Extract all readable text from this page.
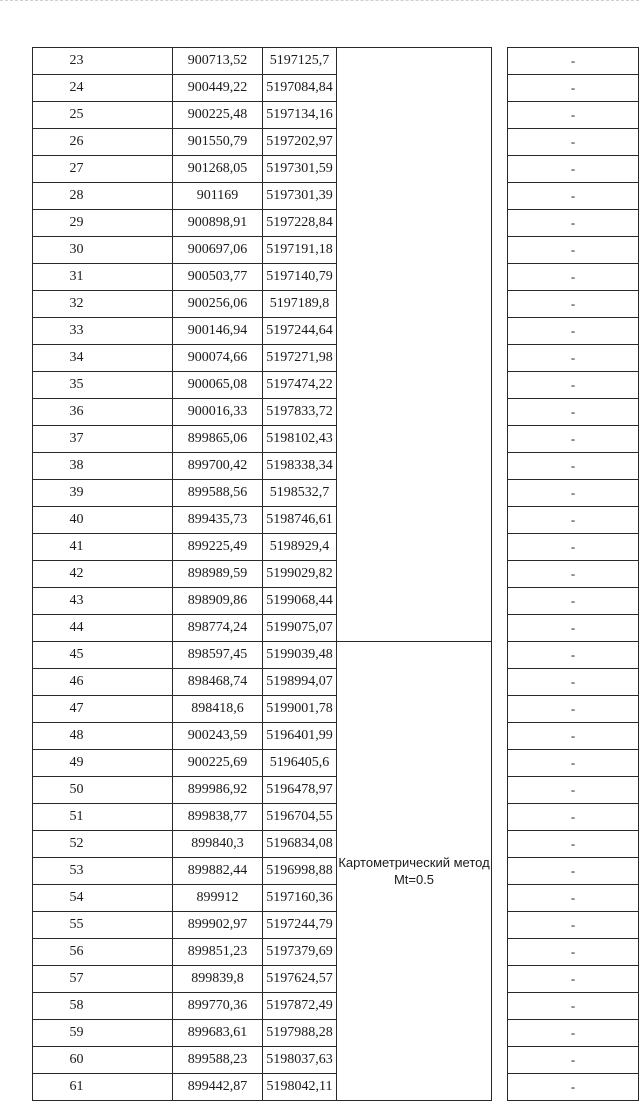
23	900713,52	5197125,7			-
24	900449,22	5197084,84			-
25	900225,48	5197134,16			-
26	901550,79	5197202,97			-
27	901268,05	5197301,59			-
28	901169	5197301,39			-
29	900898,91	5197228,84			-
30	900697,06	5197191,18			-
31	900503,77	5197140,79			-
32	900256,06	5197189,8			-
33	900146,94	5197244,64			-
34	900074,66	5197271,98			-
35	900065,08	5197474,22			-
36	900016,33	5197833,72			-
37	899865,06	5198102,43			-
38	899700,42	5198338,34			-
39	899588,56	5198532,7			-
40	899435,73	5198746,61			-
41	899225,49	5198929,4			-
42	898989,59	5199029,82			-
43	898909,86	5199068,44			-
44	898774,24	5199075,07			-
45	898597,45	5199039,48	Картометрический метод Mt=0.5		-
46	898468,74	5198994,07			-
47	898418,6	5199001,78			-
48	900243,59	5196401,99			-
49	900225,69	5196405,6			-
50	899986,92	5196478,97			-
51	899838,77	5196704,55			-
52	899840,3	5196834,08			-
53	899882,44	5196998,88			-
54	899912	5197160,36			-
55	899902,97	5197244,79			-
56	899851,23	5197379,69			-
57	899839,8	5197624,57			-
58	899770,36	5197872,49			-
59	899683,61	5197988,28			-
60	899588,23	5198037,63			-
61	899442,87	5198042,11			-
